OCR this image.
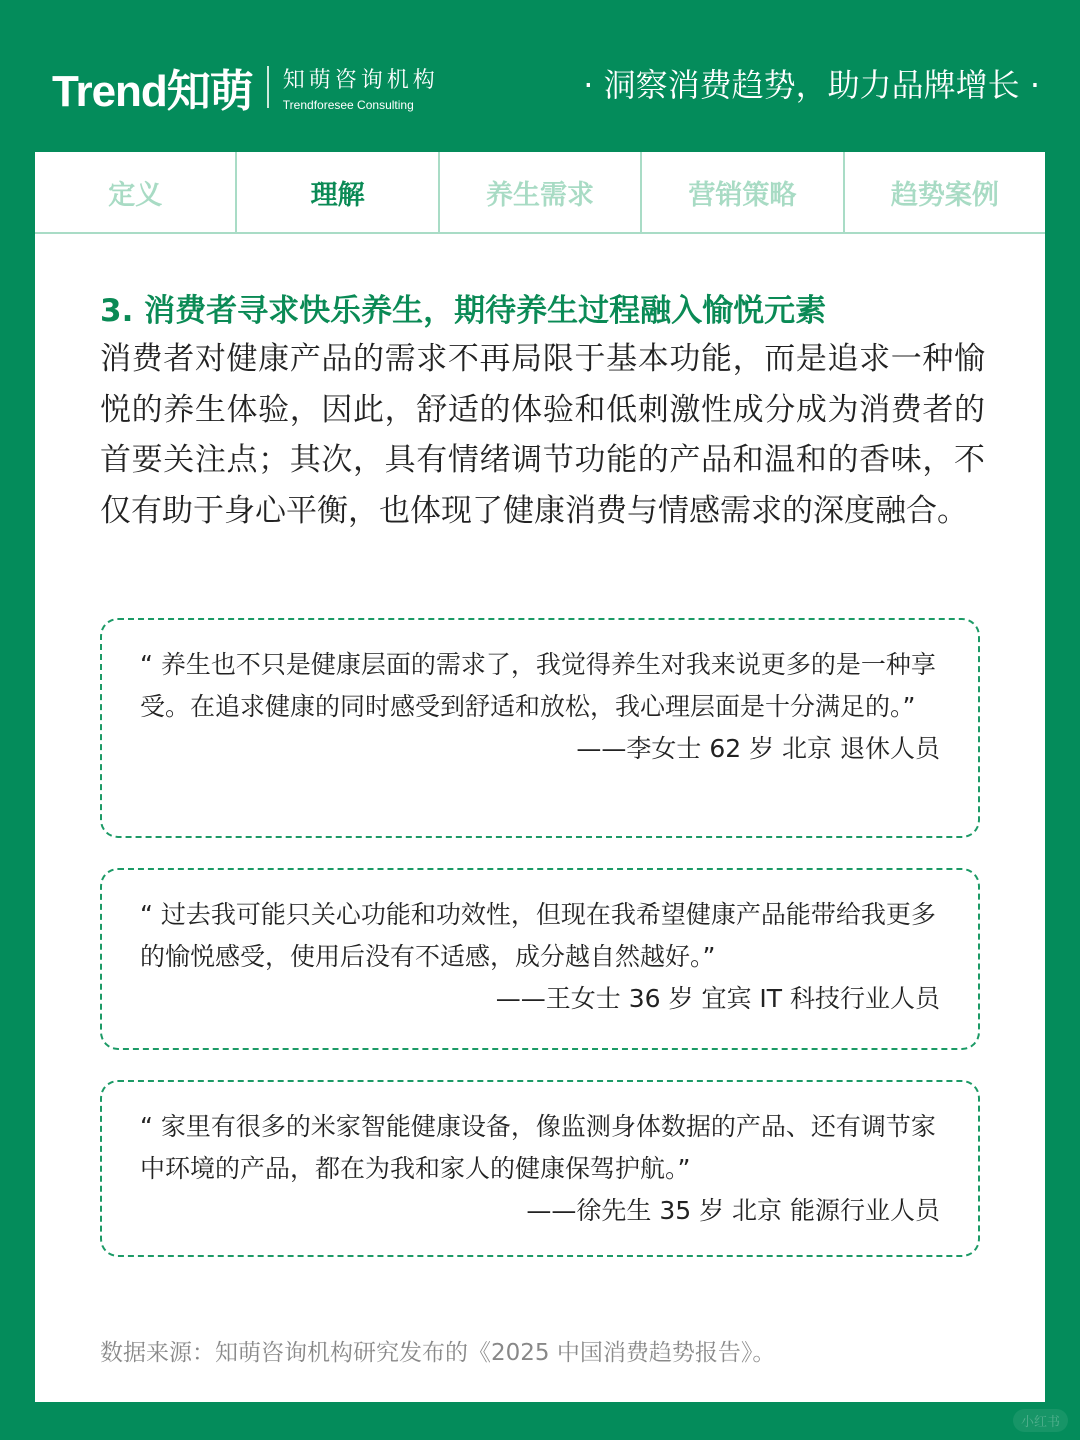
Trend知萌 知萌咨询机构
Trendforesee Consulting
· 洞察消费趋势，助力品牌增长 ·
定义	理解	养生需求	营销策略	趋势案例
3. 消费者寻求快乐养生，期待养生过程融入愉悦元素
消费者对健康产品的需求不再局限于基本功能，而是追求一种愉悦的养生体验，因此，舒适的体验和低刺激性成分成为消费者的首要关注点；其次，具有情绪调节功能的产品和温和的香味，不仅有助于身心平衡，也体现了健康消费与情感需求的深度融合。
“ 养生也不只是健康层面的需求了，我觉得养生对我来说更多的是一种享受。在追求健康的同时感受到舒适和放松，我心理层面是十分满足的。”
——李女士 62 岁 北京 退休人员
“ 过去我可能只关心功能和功效性，但现在我希望健康产品能带给我更多的愉悦感受，使用后没有不适感，成分越自然越好。”
——王女士 36 岁 宜宾 IT 科技行业人员
“ 家里有很多的米家智能健康设备，像监测身体数据的产品、还有调节家中环境的产品，都在为我和家人的健康保驾护航。”
——徐先生 35 岁 北京 能源行业人员
数据来源：知萌咨询机构研究发布的《2025 中国消费趋势报告》。
小红书
